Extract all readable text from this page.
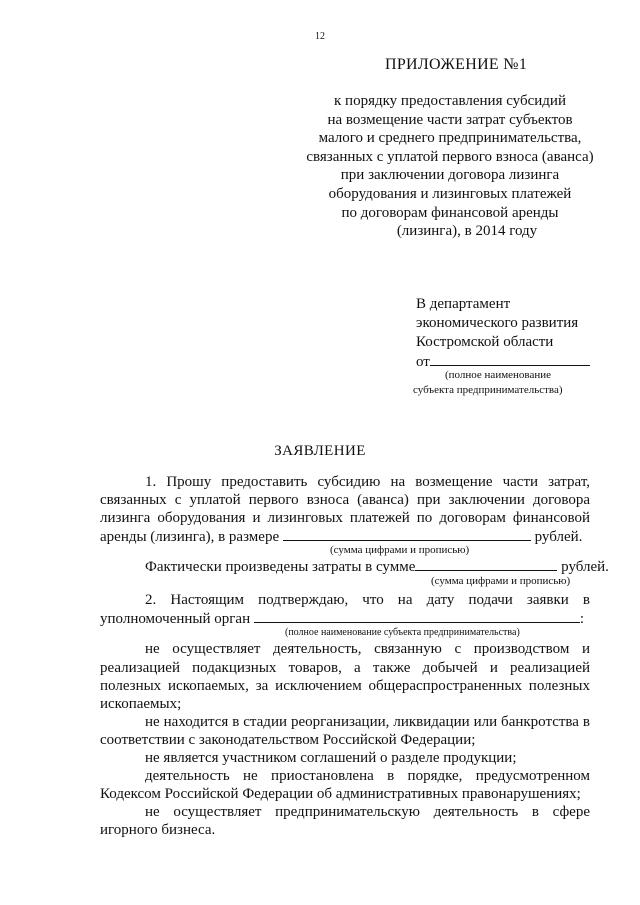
12
ПРИЛОЖЕНИЕ №1
к порядку предоставления субсидий
на возмещение части затрат субъектов
малого и среднего предпринимательства,
связанных с уплатой первого взноса (аванса)
при заключении договора лизинга
оборудования и лизинговых платежей
по договорам финансовой аренды
(лизинга), в 2014 году
В департамент
экономического развития
Костромской области
от
(полное наименование
субъекта предпринимательства)
ЗАЯВЛЕНИЕ
1. Прошу предоставить субсидию на возмещение части затрат,
связанных с уплатой первого взноса (аванса) при заключении договора
лизинга оборудования и лизинговых платежей по договорам финансовой
аренды (лизинга), в размере	рублей.
(сумма цифрами и прописью)
Фактически произведены затраты в сумме	рублей.
(сумма цифрами и прописью)
2. Настоящим подтверждаю, что на дату подачи заявки в
уполномоченный орган	:
(полное наименование субъекта предпринимательства)
не осуществляет деятельность, связанную с производством и
реализацией подакцизных товаров, а также добычей и реализацией
полезных ископаемых, за исключением общераспространенных полезных
ископаемых;
не находится в стадии реорганизации, ликвидации или банкротства в
соответствии с законодательством Российской Федерации;
не является участником соглашений о разделе продукции;
деятельность не приостановлена в порядке, предусмотренном
Кодексом Российской Федерации об административных правонарушениях;
не осуществляет предпринимательскую деятельность в сфере
игорного бизнеса.
